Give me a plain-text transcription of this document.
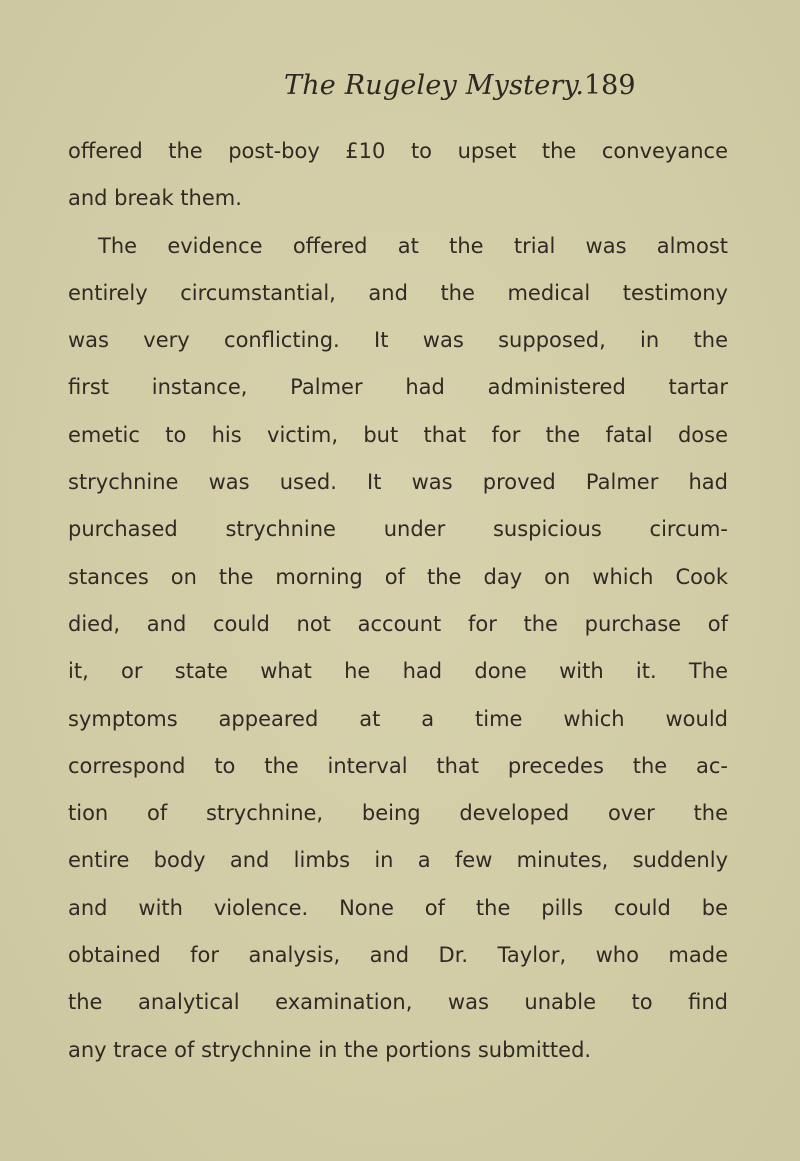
The Rugeley Mystery. 189
offered the post-boy £10 to upset the conveyance
and break them.
The evidence offered at the trial was almost
entirely circumstantial, and the medical testimony
was very conflicting. It was supposed, in the
first instance, Palmer had administered tartar
emetic to his victim, but that for the fatal dose
strychnine was used. It was proved Palmer had
purchased strychnine under suspicious circum-
stances on the morning of the day on which Cook
died, and could not account for the purchase of
it, or state what he had done with it. The
symptoms appeared at a time which would
correspond to the interval that precedes the ac-
tion of strychnine, being developed over the
entire body and limbs in a few minutes, suddenly
and with violence. None of the pills could be
obtained for analysis, and Dr. Taylor, who made
the analytical examination, was unable to find
any trace of strychnine in the portions submitted.
